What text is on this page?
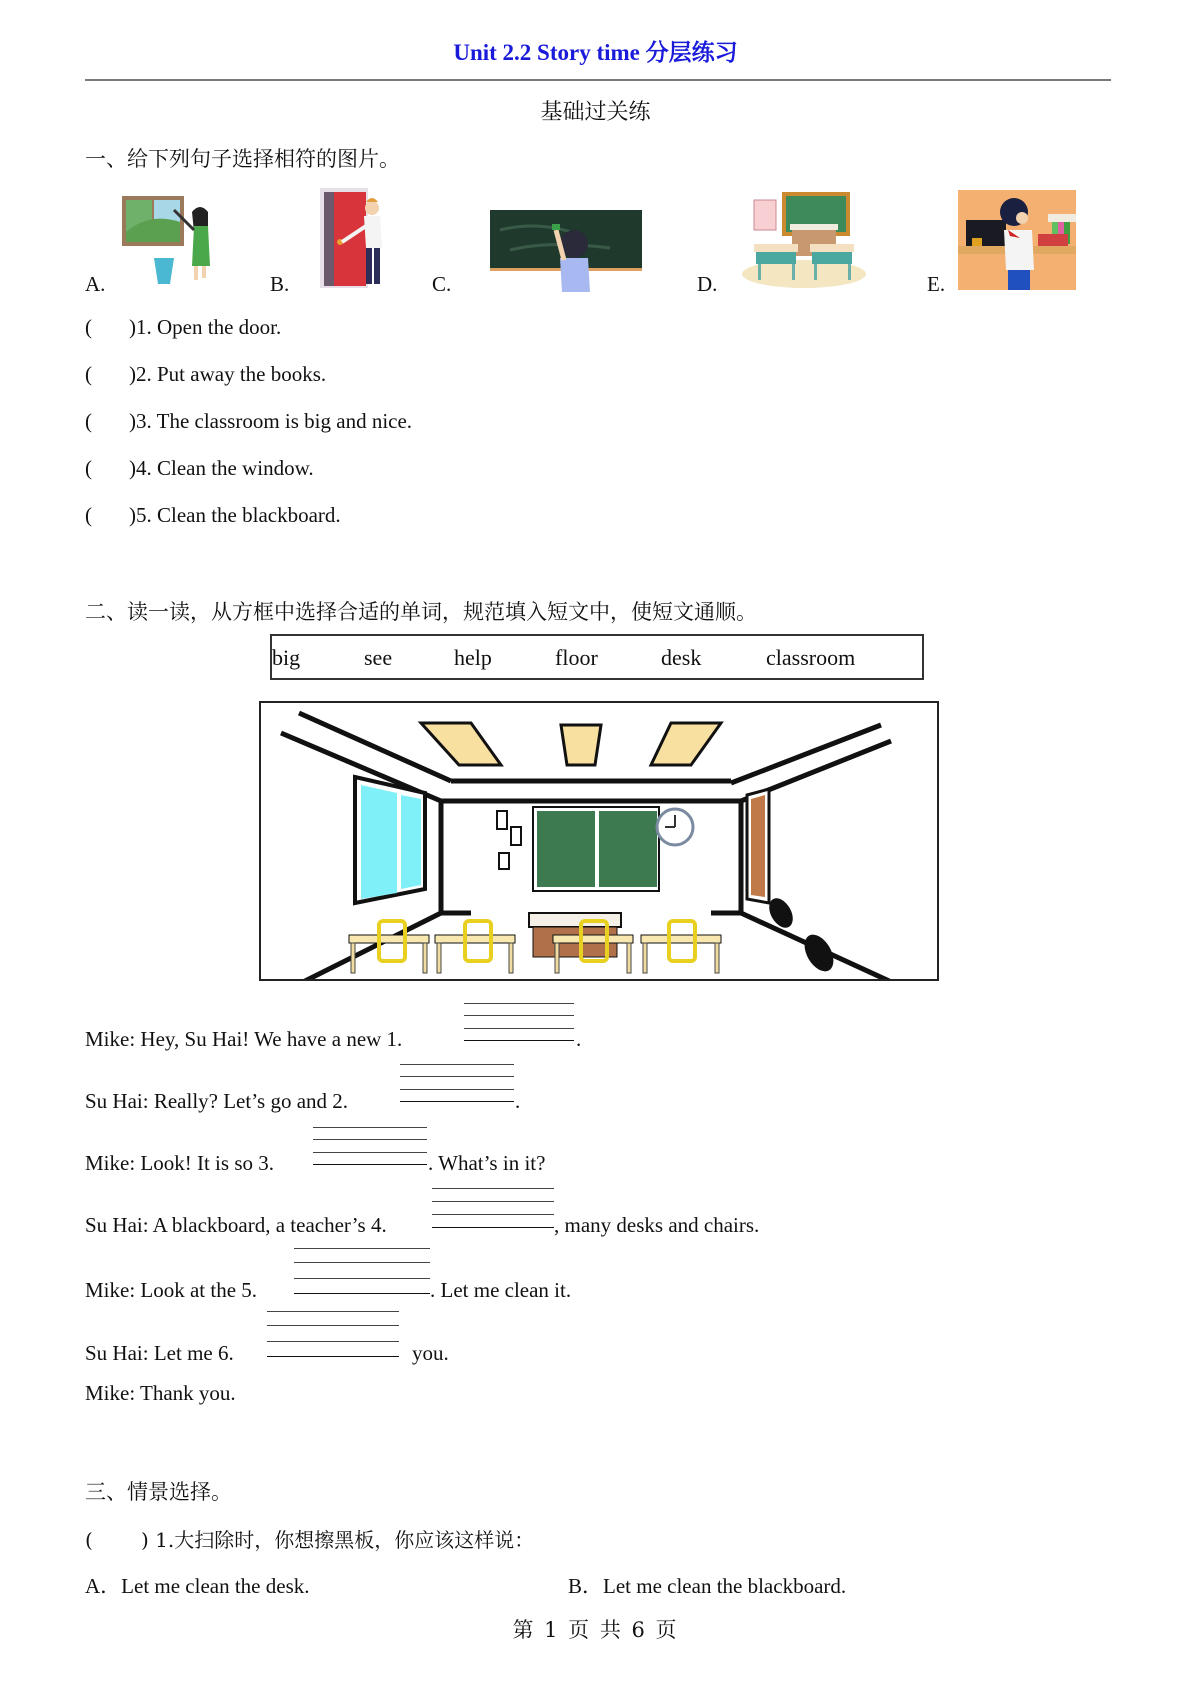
Unit 2.2 Story time 分层练习
基础过关练
一、给下列句子选择相符的图片。
A.	B.	C.	D.	E.
( )1. Open the door.
( )2. Put away the books.
( )3. The classroom is big and nice.
( )4. Clean the window.
( )5. Clean the blackboard.
二、读一读，从方框中选择合适的单词，规范填入短文中，使短文通顺。
big	see	help	floor	desk	classroom
Mike: Hey, Su Hai! We have a new 1.	.
Su Hai: Really? Let’s go and 2.	.
Mike: Look! It is so 3.	. What’s in it?
Su Hai: A blackboard, a teacher’s 4.	, many desks and chairs.
Mike: Look at the 5.	. Let me clean it.
Su Hai: Let me 6.	you.
Mike: Thank you.
三、情景选择。
( ) 1.大扫除时，你想擦黑板，你应该这样说：
A．Let me clean the desk.	B．Let me clean the blackboard.
第 1 页 共 6 页
